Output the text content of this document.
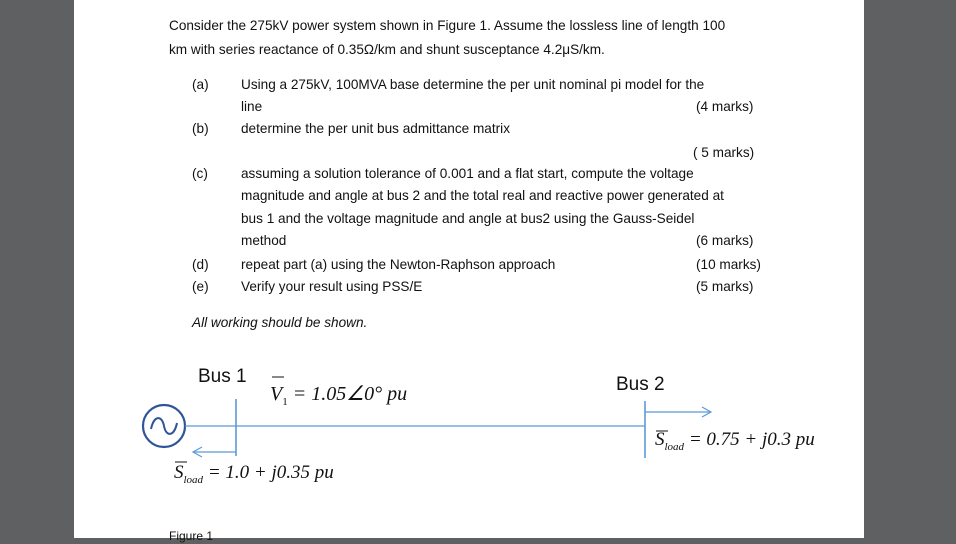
Consider the 275kV power system shown in Figure 1. Assume the lossless line of length 100
km with series reactance of 0.35Ω/km and shunt susceptance 4.2μS/km.
(a) Using a 275kV, 100MVA base determine the per unit nominal pi model for the
line	(4 marks)
(b) determine the per unit bus admittance matrix
( 5 marks)
(c) assuming a solution tolerance of 0.001 and a flat start, compute the voltage
magnitude and angle at bus 2 and the total real and reactive power generated at
bus 1 and the voltage magnitude and angle at bus2 using the Gauss-Seidel
method	(6 marks)
(d) repeat part (a) using the Newton-Raphson approach	(10 marks)
(e) Verify your result using PSS/E	(5 marks)
All working should be shown.
Bus 1	Bus 2
$V_1$ = 1.05∠0° pu
$S_{load} = 0.75 + j0.3$ pu
$S_{load} = 1.0 + j0.35$ pu
Figure 1
